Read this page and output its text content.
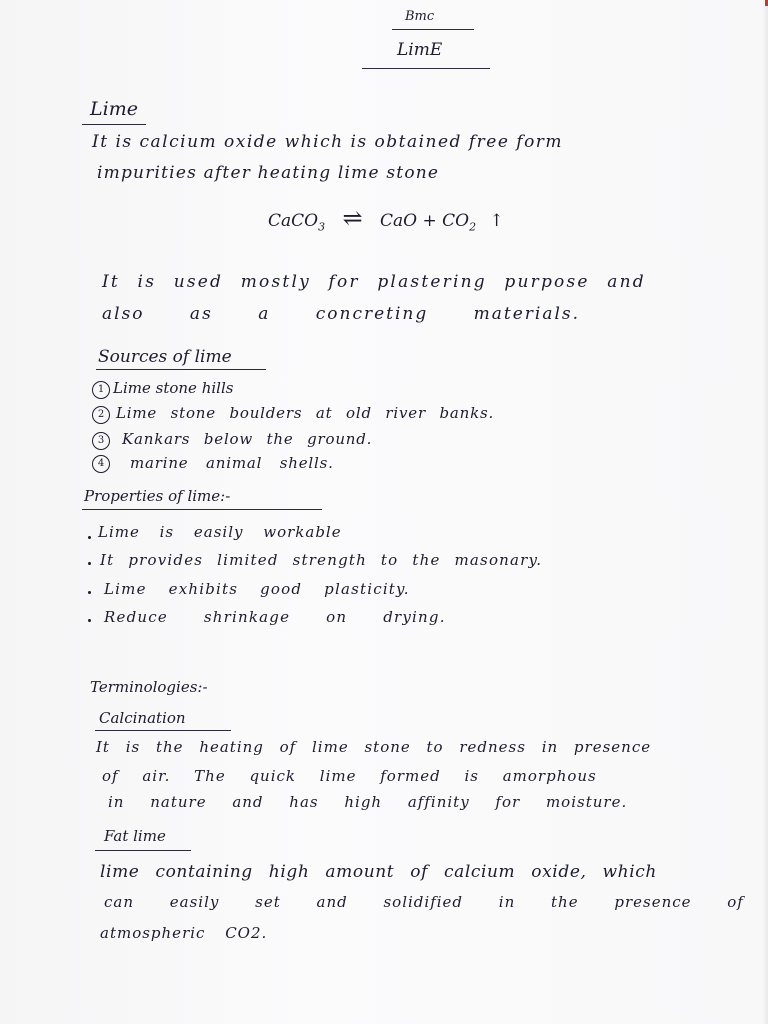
Bmc
LimE
Lime
It is calcium oxide which is obtained free form
impurities after heating lime stone
CaCO$_3$ ⇌ CaO + $CO_2$ ↑
It is used mostly for plastering purpose and
also as a concreting materials.
Sources of lime
1 Lime stone hills
2 Lime stone boulders at old river banks.
3	Kankars below the ground.
4	marine animal shells.
Properties of lime:-
Lime is easily workable
It provides limited strength to the masonary.
Lime exhibits good plasticity.
Reduce shrinkage on drying.
Terminologies:-
Calcination
It is the heating of lime stone to redness in presence
of air. The quick lime formed is amorphous
in nature and has high affinity for moisture.
Fat lime
lime containing high amount of calcium oxide, which
can easily set and solidified in the presence of
atmospheric CO2.
